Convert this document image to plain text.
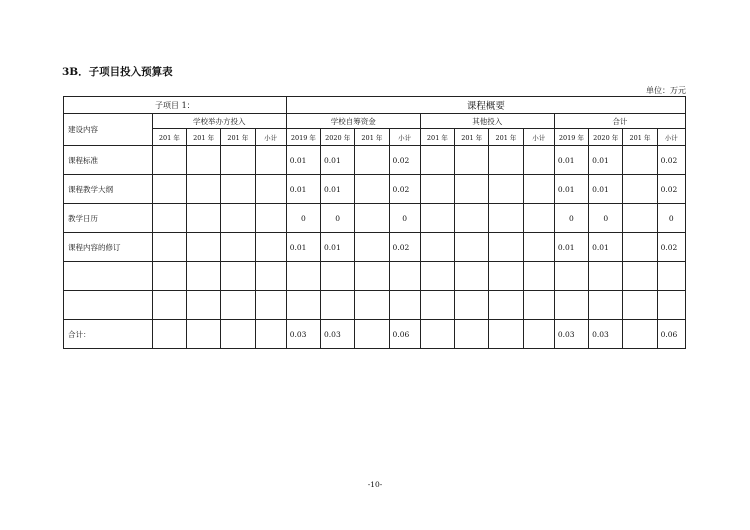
3B．子项目投入预算表
单位：万元
子项目 1：					课程概要											
建设内容	学校举办方投入				学校自筹资金				其他投入				合计			
	201 年	201 年	201 年	小计	2019 年	2020 年	201 年	小计	201 年	201 年	201 年	小计	2019 年	2020 年	201 年	小计
课程标准					0.01	0.01		0.02					0.01	0.01		0.02
课程教学大纲					0.01	0.01		0.02					0.01	0.01		0.02
教学日历					0	0		0					0	0		0
课程内容的修订					0.01	0.01		0.02					0.01	0.01		0.02

合计：					0.03	0.03		0.06					0.03	0.03		0.06
-10-
